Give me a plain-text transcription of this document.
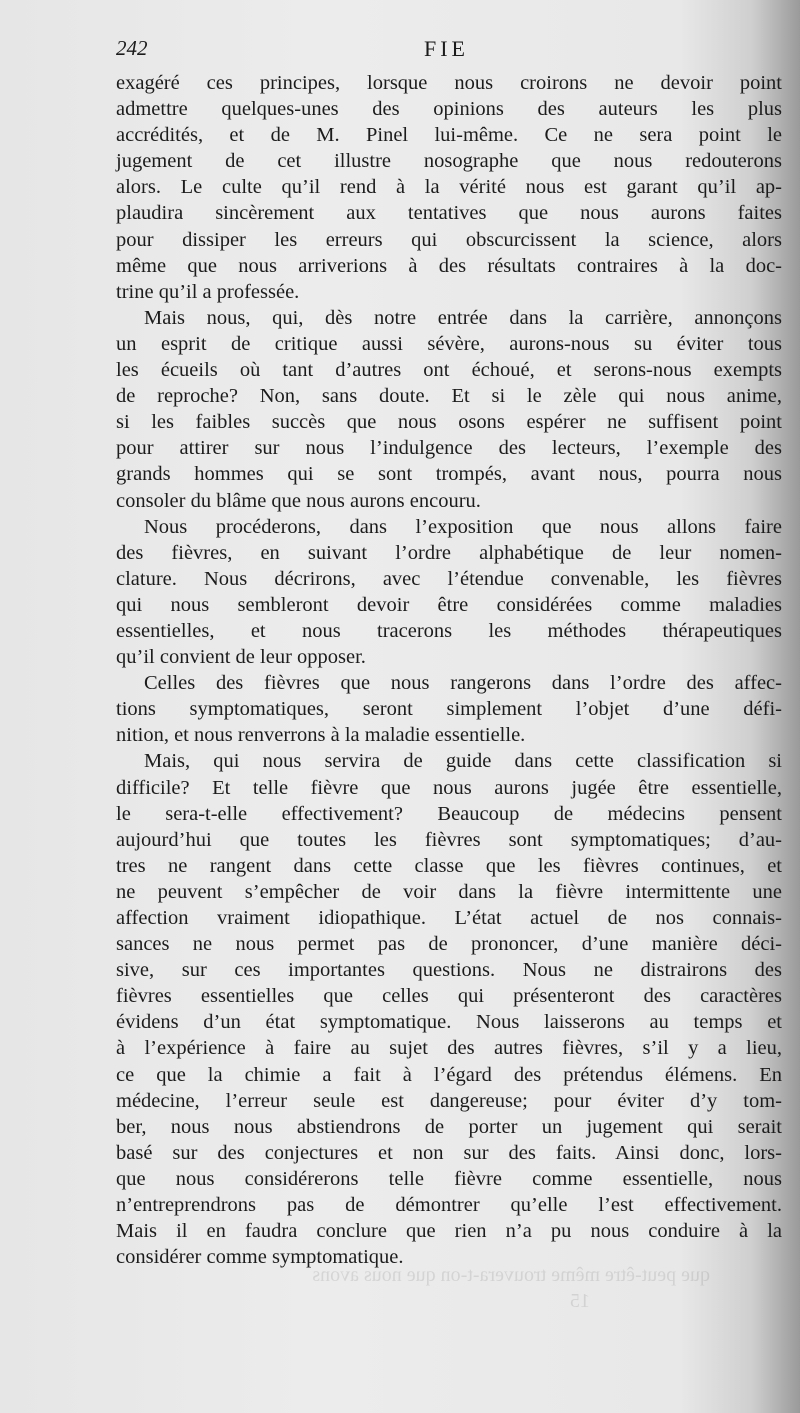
242	FIE
exagéré ces principes, lorsque nous croirons ne devoir point
admettre quelques-unes des opinions des auteurs les plus
accrédités, et de M. Pinel lui-même. Ce ne sera point le
jugement de cet illustre nosographe que nous redouterons
alors. Le culte qu’il rend à la vérité nous est garant qu’il ap-
plaudira sincèrement aux tentatives que nous aurons faites
pour dissiper les erreurs qui obscurcissent la science, alors
même que nous arriverions à des résultats contraires à la doc-
trine qu’il a professée.
Mais nous, qui, dès notre entrée dans la carrière, annonçons
un esprit de critique aussi sévère, aurons-nous su éviter tous
les écueils où tant d’autres ont échoué, et serons-nous exempts
de reproche? Non, sans doute. Et si le zèle qui nous anime,
si les faibles succès que nous osons espérer ne suffisent point
pour attirer sur nous l’indulgence des lecteurs, l’exemple des
grands hommes qui se sont trompés, avant nous, pourra nous
consoler du blâme que nous aurons encouru.
Nous procéderons, dans l’exposition que nous allons faire
des fièvres, en suivant l’ordre alphabétique de leur nomen-
clature. Nous décrirons, avec l’étendue convenable, les fièvres
qui nous sembleront devoir être considérées comme maladies
essentielles, et nous tracerons les méthodes thérapeutiques
qu’il convient de leur opposer.
Celles des fièvres que nous rangerons dans l’ordre des affec-
tions symptomatiques, seront simplement l’objet d’une défi-
nition, et nous renverrons à la maladie essentielle.
Mais, qui nous servira de guide dans cette classification si
difficile? Et telle fièvre que nous aurons jugée être essentielle,
le sera-t-elle effectivement? Beaucoup de médecins pensent
aujourd’hui que toutes les fièvres sont symptomatiques; d’au-
tres ne rangent dans cette classe que les fièvres continues, et
ne peuvent s’empêcher de voir dans la fièvre intermittente une
affection vraiment idiopathique. L’état actuel de nos connais-
sances ne nous permet pas de prononcer, d’une manière déci-
sive, sur ces importantes questions. Nous ne distrairons des
fièvres essentielles que celles qui présenteront des caractères
évidens d’un état symptomatique. Nous laisserons au temps et
à l’expérience à faire au sujet des autres fièvres, s’il y a lieu,
ce que la chimie a fait à l’égard des prétendus élémens. En
médecine, l’erreur seule est dangereuse; pour éviter d’y tom-
ber, nous nous abstiendrons de porter un jugement qui serait
basé sur des conjectures et non sur des faits. Ainsi donc, lors-
que nous considérerons telle fièvre comme essentielle, nous
n’entreprendrons pas de démontrer qu’elle l’est effectivement.
Mais il en faudra conclure que rien n’a pu nous conduire à la
considérer comme symptomatique.
que peut-être même trouvera-t-on que nous avons
15
